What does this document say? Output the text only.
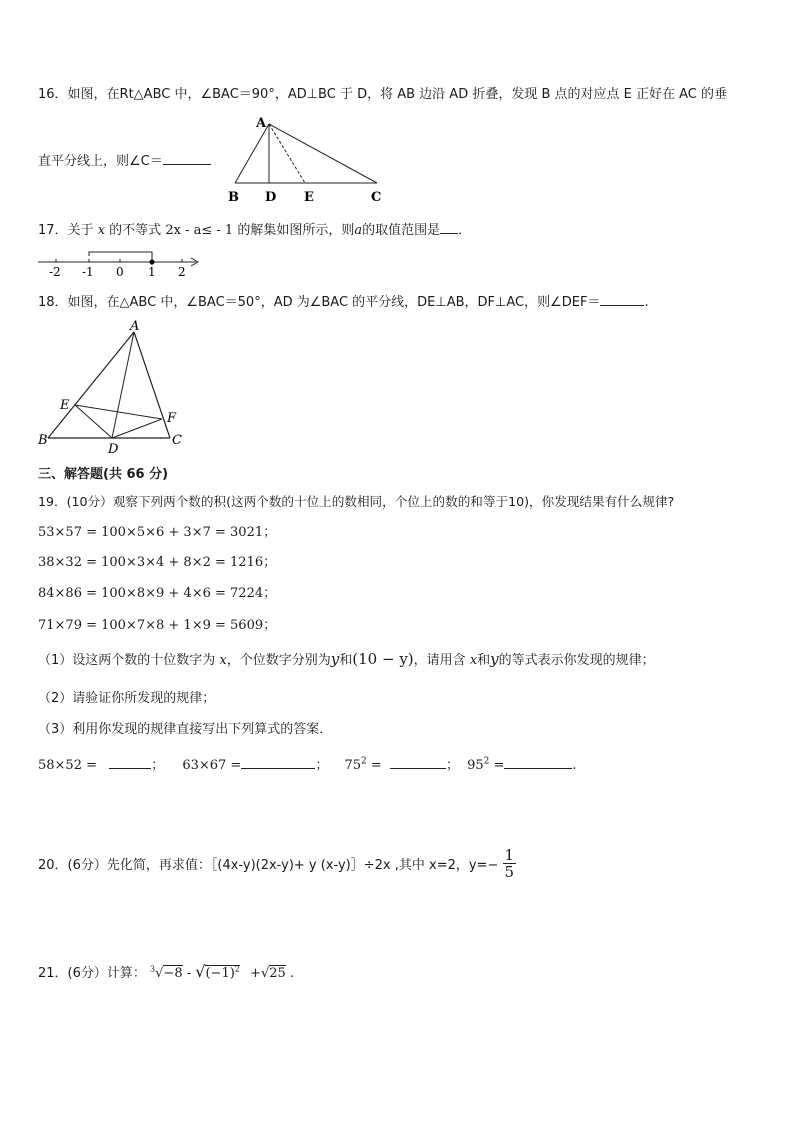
16．如图，在Rt△ABC 中，∠BAC＝90°，AD⊥BC 于 D，将 AB 边沿 AD 折叠，发现 B 点的对应点 E 正好在 AC 的垂
直平分线上，则∠C＝
A
B D E	C
17．关于 x 的不等式 2x - a≤ - 1 的解集如图所示，则a的取值范围是 ．
-2 -1 0 1 2
18．如图，在△ABC 中，∠BAC＝50°，AD 为∠BAC 的平分线，DE⊥AB，DF⊥AC，则∠DEF＝	.
A
E
F
B	C
D
三、解答题(共 66 分)
19．(10分）观察下列两个数的积(这两个数的十位上的数相同，个位上的数的和等于10)，你发现结果有什么规律?
53×57 = 100×5×6 + 3×7 = 3021；
38×32 = 100×3×4 + 8×2 = 1216；
84×86 = 100×8×9 + 4×6 = 7224；
71×79 = 100×7×8 + 1×9 = 5609；
（1）设这两个数的十位数字为 x，个位数字分别为y和(10 − y)，请用含 x和y的等式表示你发现的规律；
（2）请验证你所发现的规律；
（3）利用你发现的规律直接写出下列算式的答案．
58×52 =	； 63×67 =	； $75^2$ =	； $95^2$ =	.
20．(6分）先化简，再求值：［(4x-y)(2x-y)+ y (x-y)］÷2x ,其中 x=2，$y=- \frac{1}{5}$
21．(6分）计算： $^3√-8 - √(-1)^2 +√25$ .
